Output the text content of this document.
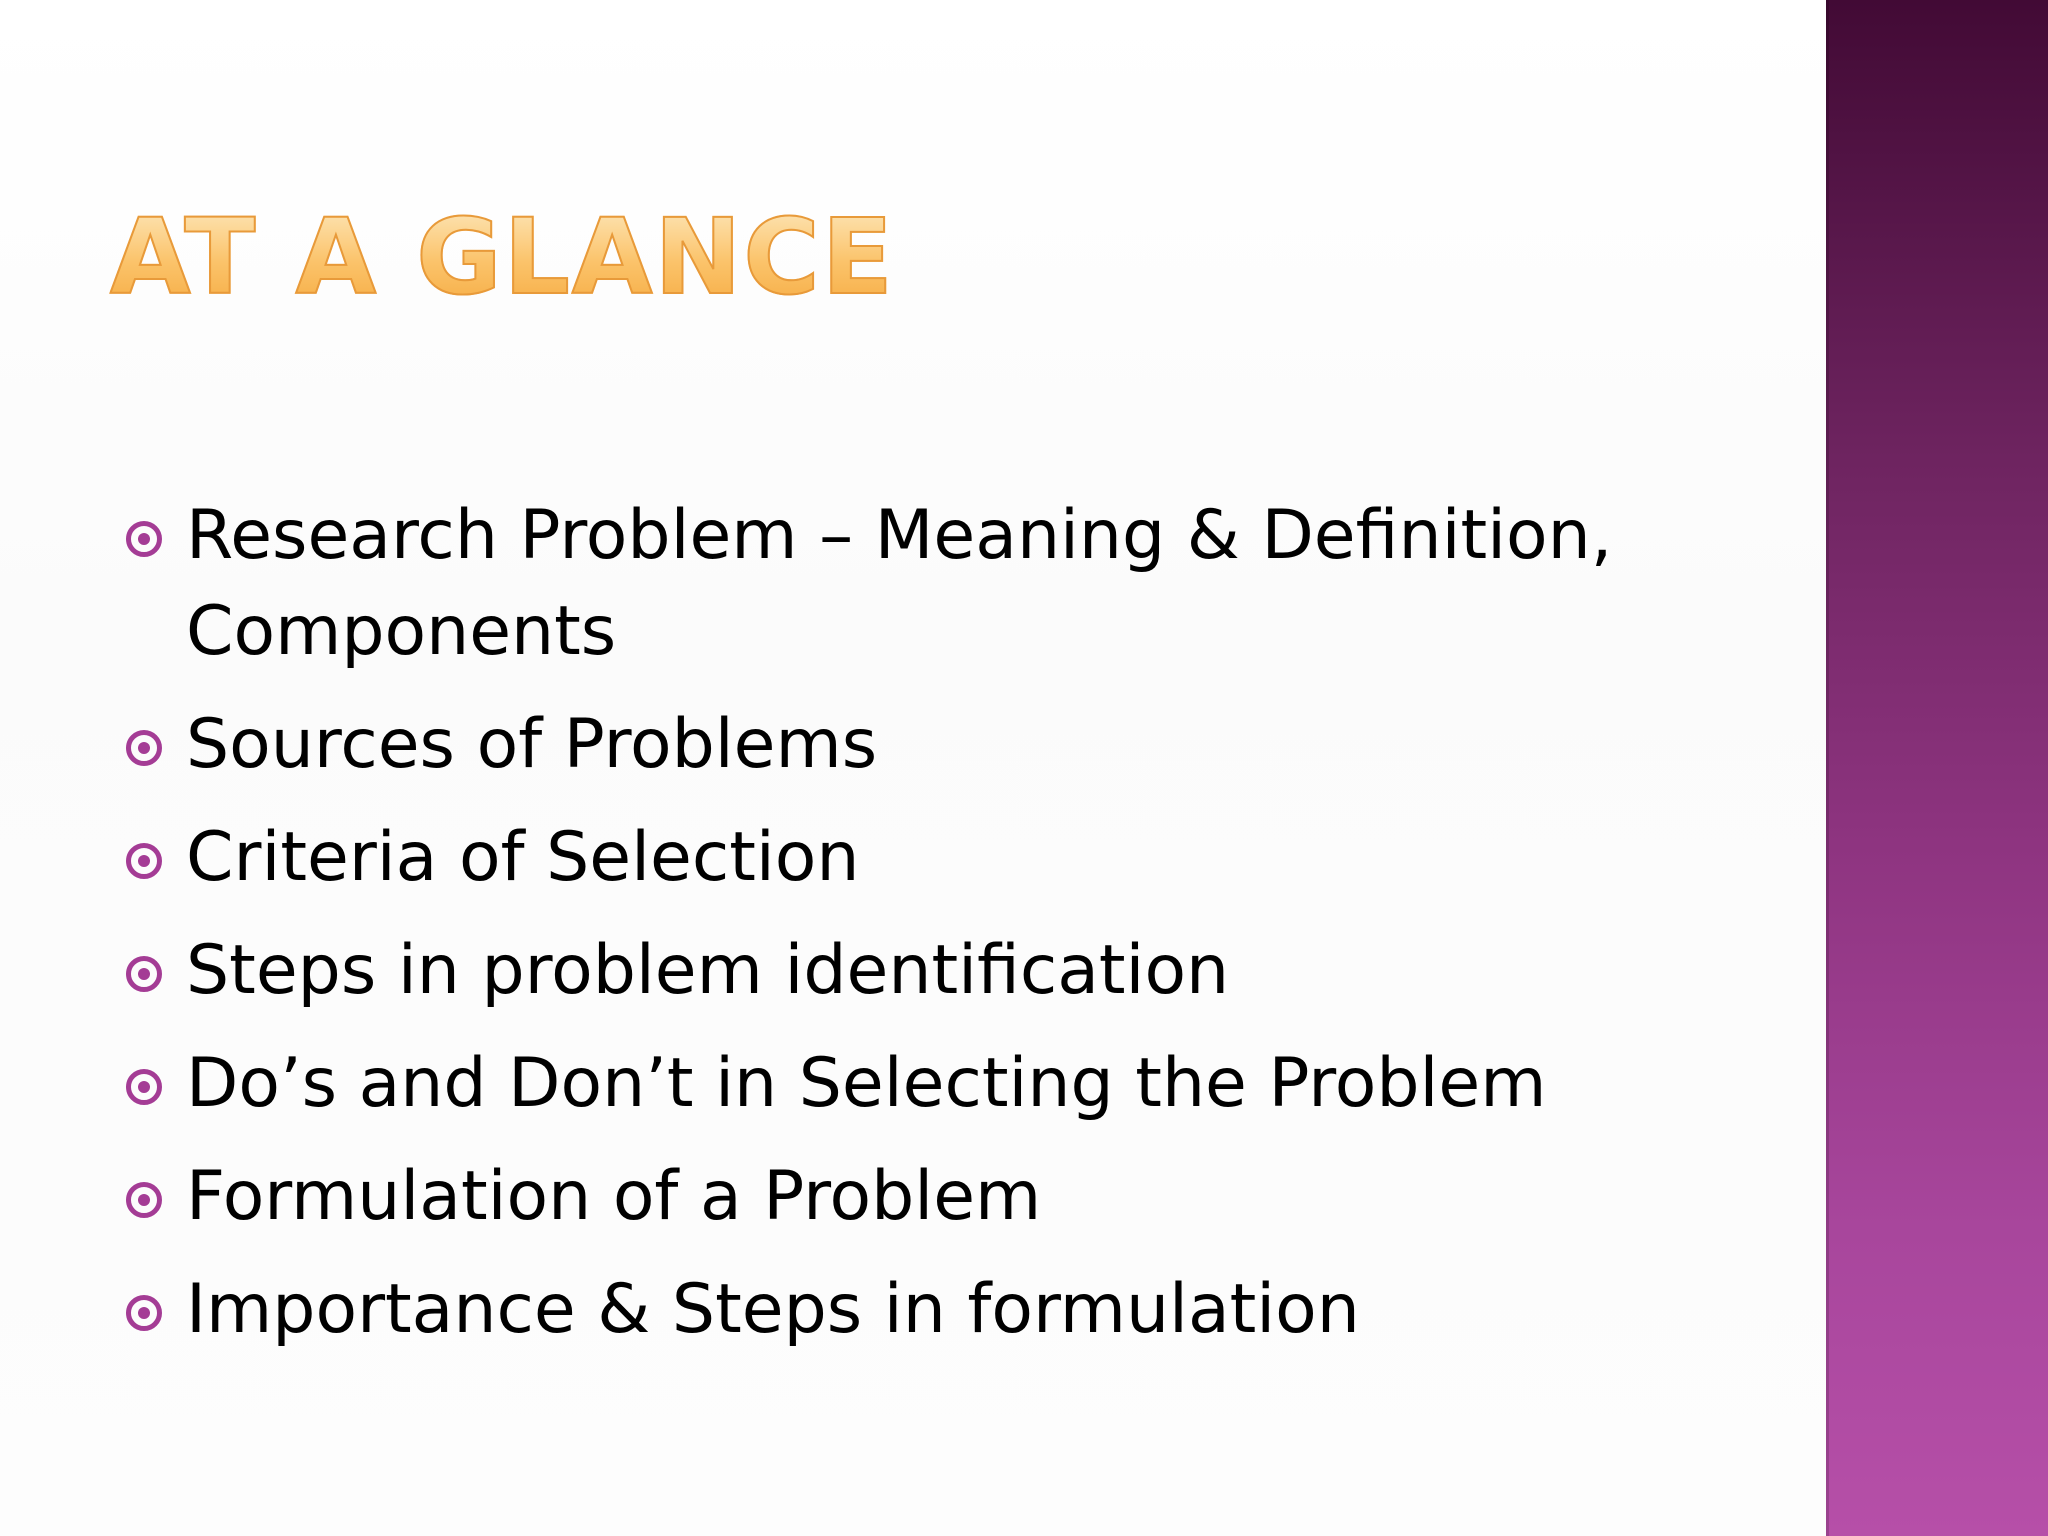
AT A GLANCE
Research Problem – Meaning & Definition, Components
Sources of Problems
Criteria of Selection
Steps in problem identification
Do’s and Don’t in Selecting the Problem
Formulation of a Problem
Importance & Steps in formulation
